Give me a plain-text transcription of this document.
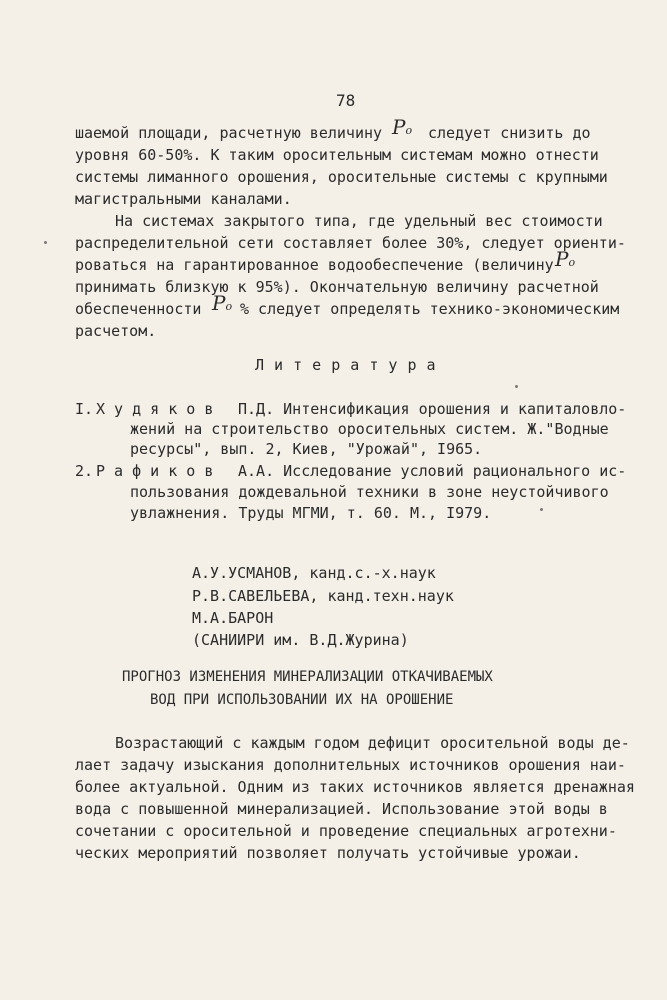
78
шаемой площади, расчетную величину Po следует снизить до
уровня 60-50%. К таким оросительным системам можно отнести
системы лиманного орошения, оросительные системы с крупными
магистральными каналами.
На системах закрытого типа, где удельный вес стоимости
распределительной сети составляет более 30%, следует ориенти-
роваться на гарантированное водообеспечение (величину Po
принимать близкую к 95%). Окончательную величину расчетной
обеспеченности Po % следует определять технико-экономическим
расчетом.
Л и т е р а т у р а
I. Х у д я к о в П.Д. Интенсификация орошения и капиталовло-
жений на строительство оросительных систем. Ж."Водные
ресурсы", вып. 2, Киев, "Урожай", I965.
2. Р а ф и к о в А.А. Исследование условий рационального ис-
пользования дождевальной техники в зоне неустойчивого
увлажнения. Труды МГМИ, т. 60. М., I979.
А.У.УСМАНОВ, канд.с.-х.наук
Р.В.САВЕЛЬЕВА, канд.техн.наук
М.А.БАРОН
(САНИИРИ им. В.Д.Журина)
ПРОГНОЗ ИЗМЕНЕНИЯ МИНЕРАЛИЗАЦИИ ОТКАЧИВАЕМЫХ
ВОД ПРИ ИСПОЛЬЗОВАНИИ ИХ НА ОРОШЕНИЕ
Возрастающий с каждым годом дефицит оросительной воды де-
лает задачу изыскания дополнительных источников орошения наи-
более актуальной. Одним из таких источников является дренажная
вода с повышенной минерализацией. Использование этой воды в
сочетании с оросительной и проведение специальных агротехни-
ческих мероприятий позволяет получать устойчивые урожаи.
